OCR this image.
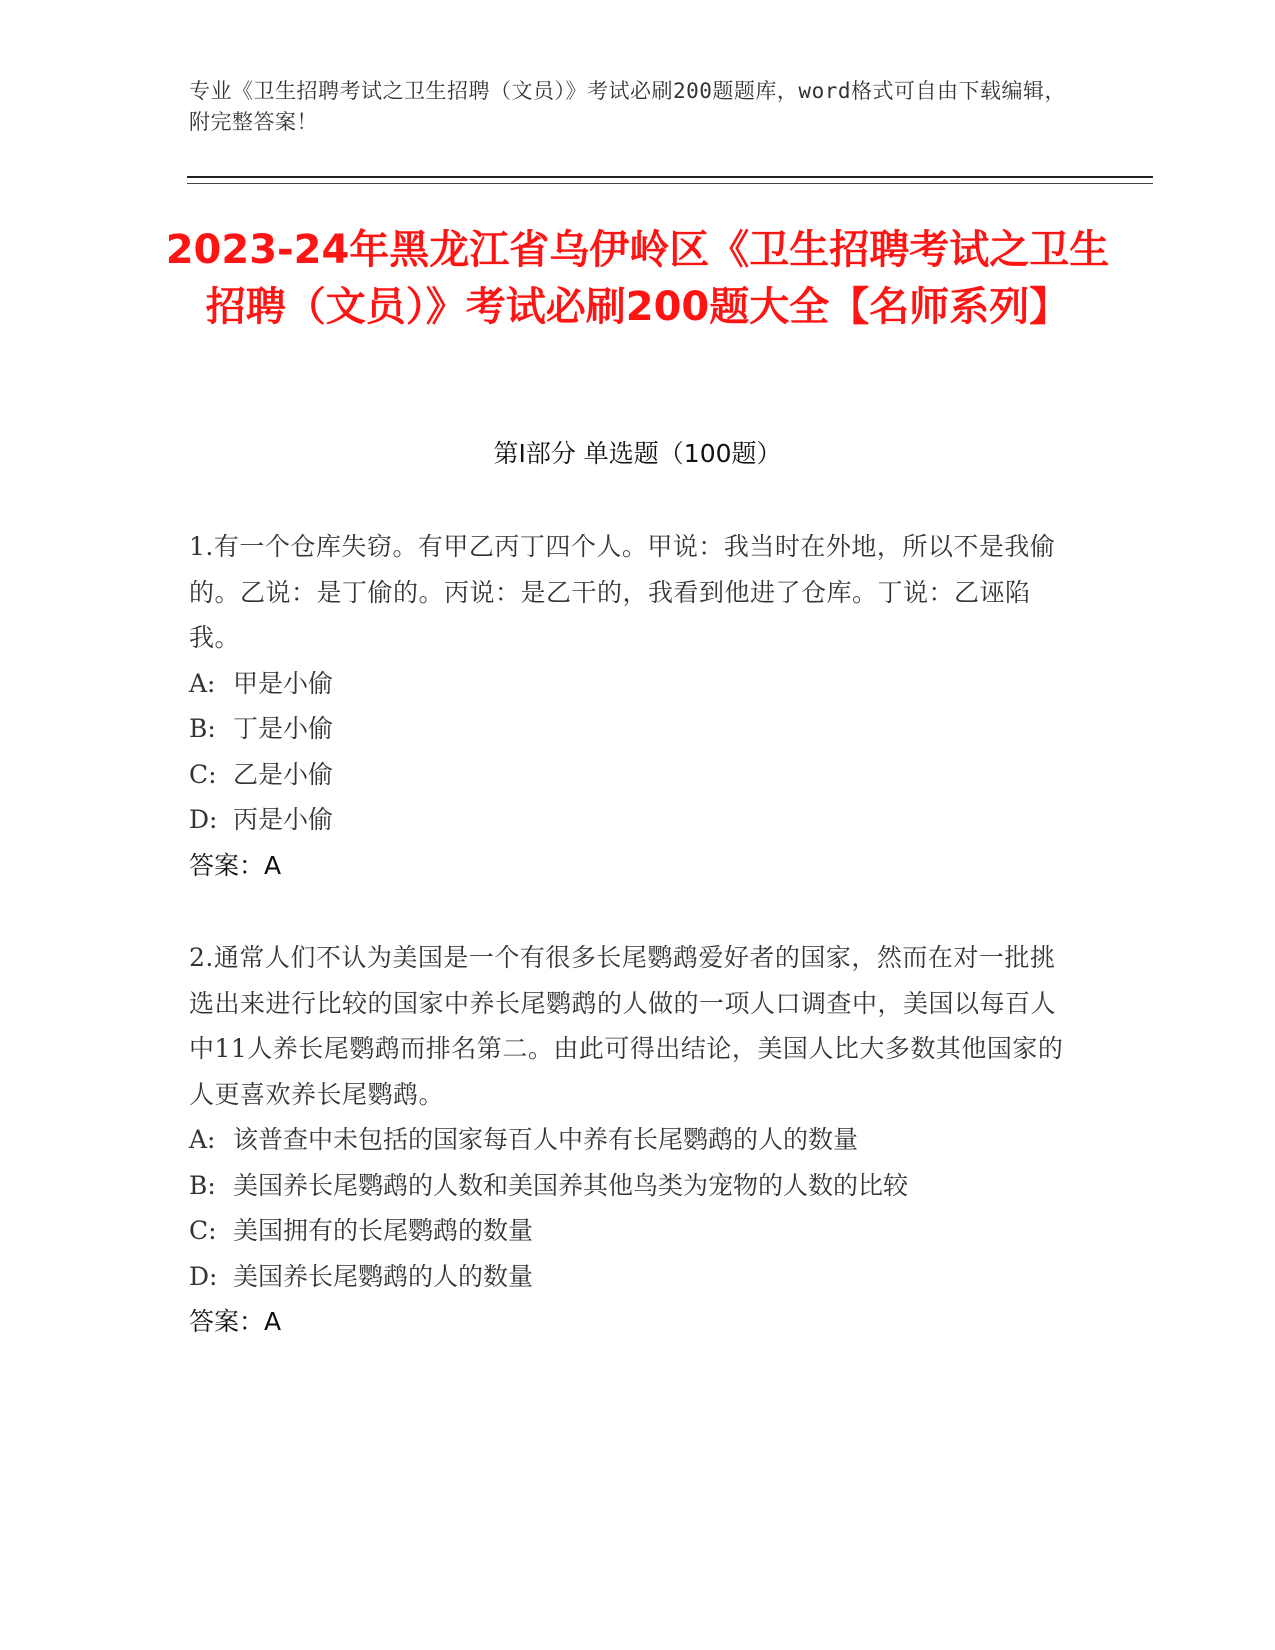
专业《卫生招聘考试之卫生招聘（文员）》考试必刷200题题库，word格式可自由下载编辑，附完整答案！
2023-24年黑龙江省乌伊岭区《卫生招聘考试之卫生招聘（文员）》考试必刷200题大全【名师系列】
第Ⅰ部分 单选题（100题）
1.有一个仓库失窃。有甲乙丙丁四个人。甲说：我当时在外地，所以不是我偷的。乙说：是丁偷的。丙说：是乙干的，我看到他进了仓库。丁说：乙诬陷我。
A: 甲是小偷
B: 丁是小偷
C: 乙是小偷
D: 丙是小偷
答案：A
2.通常人们不认为美国是一个有很多长尾鹦鹉爱好者的国家，然而在对一批挑选出来进行比较的国家中养长尾鹦鹉的人做的一项人口调查中，美国以每百人中11人养长尾鹦鹉而排名第二。由此可得出结论，美国人比大多数其他国家的人更喜欢养长尾鹦鹉。
A: 该普查中未包括的国家每百人中养有长尾鹦鹉的人的数量
B: 美国养长尾鹦鹉的人数和美国养其他鸟类为宠物的人数的比较
C: 美国拥有的长尾鹦鹉的数量
D: 美国养长尾鹦鹉的人的数量
答案：A
